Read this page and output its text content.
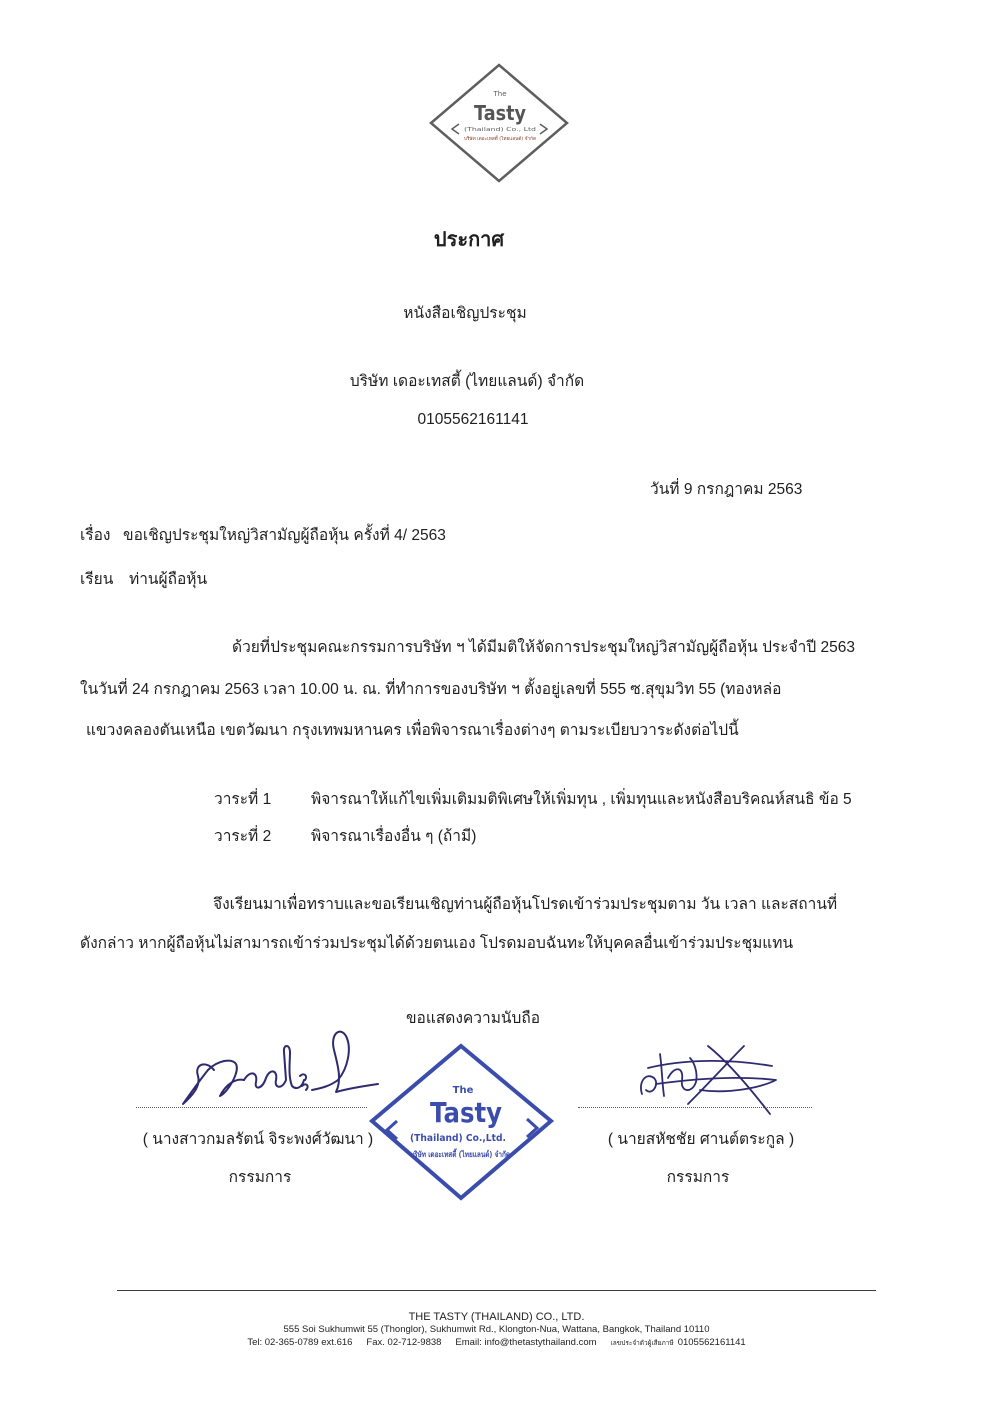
The
Tasty
(Thailand) Co., Ltd
บริษัท เดอะเทสตี้ (ไทยแลนด์) จำกัด
ประกาศ
หนังสือเชิญประชุม
บริษัท เดอะเทสตี้ (ไทยแลนด์) จำกัด
0105562161141
วันที่ 9 กรกฎาคม 2563
เรื่อง ขอเชิญประชุมใหญ่วิสามัญผู้ถือหุ้น ครั้งที่ 4/ 2563
เรียน ท่านผู้ถือหุ้น
ด้วยที่ประชุมคณะกรรมการบริษัท ฯ ได้มีมติให้จัดการประชุมใหญ่วิสามัญผู้ถือหุ้น ประจำปี 2563
ในวันที่ 24 กรกฎาคม 2563 เวลา 10.00 น. ณ. ที่ทำการของบริษัท ฯ ตั้งอยู่เลขที่ 555 ซ.สุขุมวิท 55 (ทองหล่อ
แขวงคลองตันเหนือ เขตวัฒนา กรุงเทพมหานคร เพื่อพิจารณาเรื่องต่างๆ ตามระเบียบวาระดังต่อไปนี้
วาระที่ 1	พิจารณาให้แก้ไขเพิ่มเติมมติพิเศษให้เพิ่มทุน , เพิ่มทุนและหนังสือบริคณห์สนธิ ข้อ 5
วาระที่ 2	พิจารณาเรื่องอื่น ๆ (ถ้ามี)
จึงเรียนมาเพื่อทราบและขอเรียนเชิญท่านผู้ถือหุ้นโปรดเข้าร่วมประชุมตาม วัน เวลา และสถานที่
ดังกล่าว หากผู้ถือหุ้นไม่สามารถเข้าร่วมประชุมได้ด้วยตนเอง โปรดมอบฉันทะให้บุคคลอื่นเข้าร่วมประชุมแทน
ขอแสดงความนับถือ
( นางสาวกมลรัตน์ จิระพงศ์วัฒนา )
กรรมการ
( นายสหัชชัย ศานต์ตระกูล )
กรรมการ
The
Tasty
(Thailand) Co.,Ltd.
บริษัท เดอะเทสตี้ (ไทยแลนด์) จำกัด
THE TASTY (THAILAND) CO., LTD.
555 Soi Sukhumwit 55 (Thonglor), Sukhumwit Rd., Klongton-Nua, Wattana, Bangkok, Thailand 10110
Tel: 02-365-0789 ext.616 Fax. 02-712-9838 Email: info@thetastythailand.com เลขประจำตัวผู้เสียภาษี 0105562161141
